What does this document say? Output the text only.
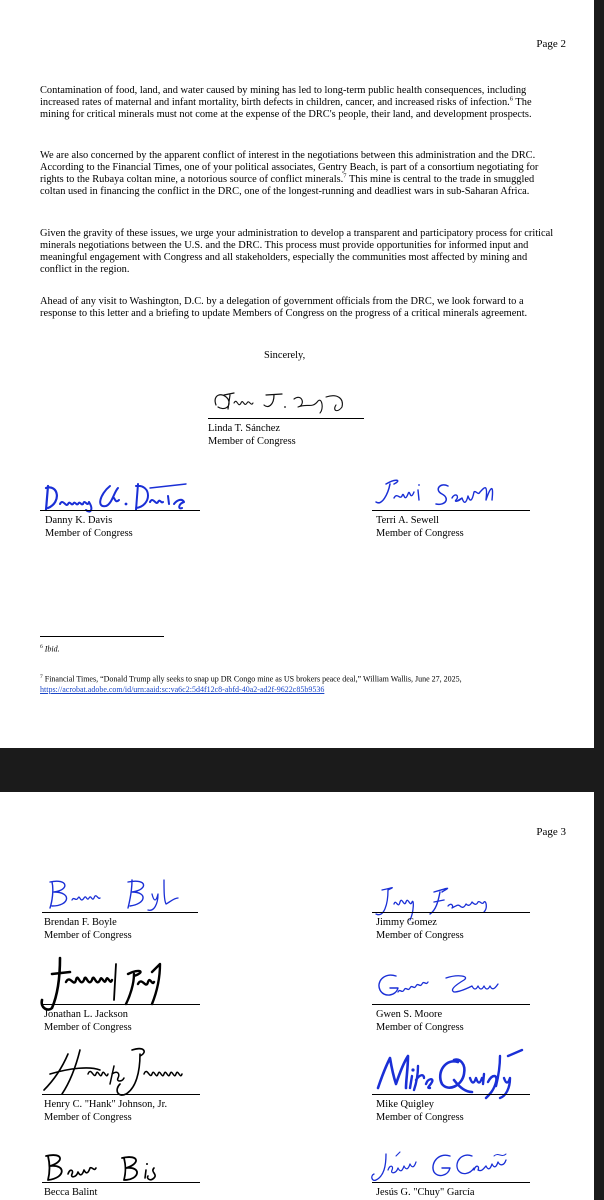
Page 2

Contamination of food, land, and water caused by mining has led to long-term public health consequences, including increased rates of maternal and infant mortality, birth defects in children, cancer, and increased risks of infection.$^6$ The mining for critical minerals must not come at the expense of the DRC's people, their land, and development prospects.

We are also concerned by the apparent conflict of interest in the negotiations between this administration and the DRC. According to the Financial Times, one of your political associates, Gentry Beach, is part of a consortium negotiating for rights to the Rubaya coltan mine, a notorious source of conflict minerals.$^7$ This mine is central to the trade in smuggled coltan used in financing the conflict in the DRC, one of the longest-running and deadliest wars in sub-Saharan Africa.

Given the gravity of these issues, we urge your administration to develop a transparent and participatory process for critical minerals negotiations between the U.S. and the DRC. This process must provide opportunities for informed input and meaningful engagement with Congress and all stakeholders, especially the communities most affected by mining and conflict in the region.

Ahead of any visit to Washington, D.C. by a delegation of government officials from the DRC, we look forward to a response to this letter and a briefing to update Members of Congress on the progress of a critical minerals agreement.

Sincerely,
Linda T. Sánchez
Member of Congress
Danny K. Davis
Member of Congress
Terri A. Sewell
Member of Congress
$^6$ Ibid.
$^7$ Financial Times, “Donald Trump ally seeks to snap up DR Congo mine as US brokers peace deal,” William Wallis, June 27, 2025, https://acrobat.adobe.com/id/urn:aaid:sc:va6c2:5d4f12c8-abfd-40a2-ad2f-9622c85b9536
Page 3
Brendan F. Boyle
Member of Congress
Jimmy Gomez
Member of Congress
Jonathan L. Jackson
Member of Congress
Gwen S. Moore
Member of Congress
Henry C. "Hank" Johnson, Jr.
Member of Congress
Mike Quigley
Member of Congress
Becca Balint	Jesús G. "Chuy" García
